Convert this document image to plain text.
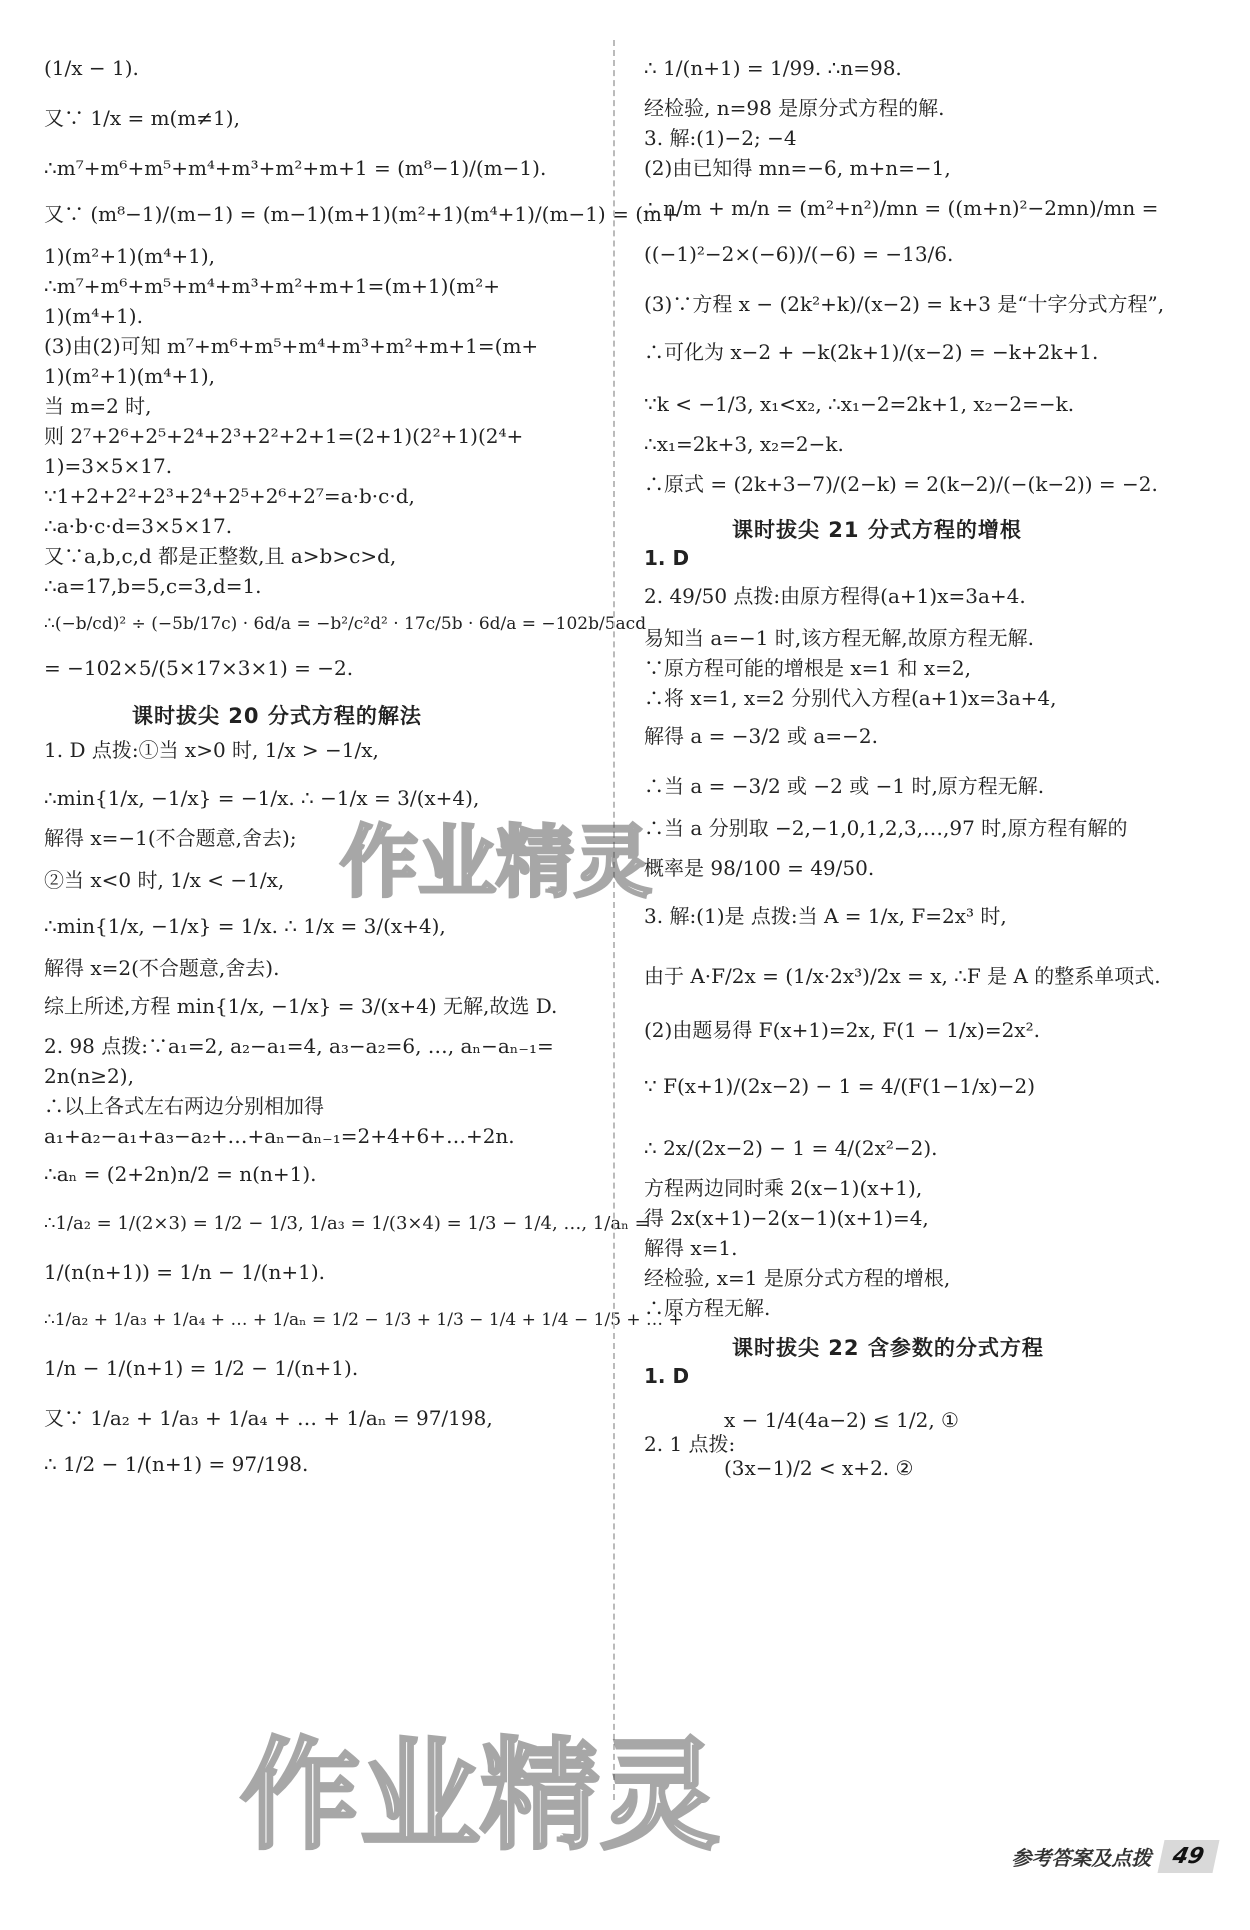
(1/x − 1).
又∵ 1/x = m(m≠1),
∴m⁷+m⁶+m⁵+m⁴+m³+m²+m+1 = (m⁸−1)/(m−1).
又∵ (m⁸−1)/(m−1) = (m−1)(m+1)(m²+1)(m⁴+1)/(m−1) = (m+
1)(m²+1)(m⁴+1),
∴m⁷+m⁶+m⁵+m⁴+m³+m²+m+1=(m+1)(m²+
1)(m⁴+1).
(3)由(2)可知 m⁷+m⁶+m⁵+m⁴+m³+m²+m+1=(m+
1)(m²+1)(m⁴+1),
当 m=2 时,
则 2⁷+2⁶+2⁵+2⁴+2³+2²+2+1=(2+1)(2²+1)(2⁴+
1)=3×5×17.
∵1+2+2²+2³+2⁴+2⁵+2⁶+2⁷=a·b·c·d,
∴a·b·c·d=3×5×17.
又∵a,b,c,d 都是正整数,且 a>b>c>d,
∴a=17,b=5,c=3,d=1.
∴(−b/cd)² ÷ (−5b/17c) · 6d/a = −b²/c²d² · 17c/5b · 6d/a = −102b/5acd
= −102×5/(5×17×3×1) = −2.
课时拔尖 20 分式方程的解法
1. D 点拨:①当 x>0 时, 1/x > −1/x,
∴min{1/x, −1/x} = −1/x. ∴ −1/x = 3/(x+4),
解得 x=−1(不合题意,舍去);
②当 x<0 时, 1/x < −1/x,
∴min{1/x, −1/x} = 1/x. ∴ 1/x = 3/(x+4),
解得 x=2(不合题意,舍去).
综上所述,方程 min{1/x, −1/x} = 3/(x+4) 无解,故选 D.
2. 98 点拨:∵a₁=2, a₂−a₁=4, a₃−a₂=6, …, aₙ−aₙ₋₁=
2n(n≥2),
∴以上各式左右两边分别相加得
a₁+a₂−a₁+a₃−a₂+…+aₙ−aₙ₋₁=2+4+6+…+2n.
∴aₙ = (2+2n)n/2 = n(n+1).
∴1/a₂ = 1/(2×3) = 1/2 − 1/3, 1/a₃ = 1/(3×4) = 1/3 − 1/4, …, 1/aₙ =
1/(n(n+1)) = 1/n − 1/(n+1).
∴1/a₂ + 1/a₃ + 1/a₄ + … + 1/aₙ = 1/2 − 1/3 + 1/3 − 1/4 + 1/4 − 1/5 + … +
1/n − 1/(n+1) = 1/2 − 1/(n+1).
又∵ 1/a₂ + 1/a₃ + 1/a₄ + … + 1/aₙ = 97/198,
∴ 1/2 − 1/(n+1) = 97/198.
∴ 1/(n+1) = 1/99. ∴n=98.
经检验, n=98 是原分式方程的解.
3. 解:(1)−2; −4
(2)由已知得 mn=−6, m+n=−1,
∴ n/m + m/n = (m²+n²)/mn = ((m+n)²−2mn)/mn =
((−1)²−2×(−6))/(−6) = −13/6.
(3)∵方程 x − (2k²+k)/(x−2) = k+3 是“十字分式方程”,
∴可化为 x−2 + −k(2k+1)/(x−2) = −k+2k+1.
∵k < −1/3, x₁<x₂, ∴x₁−2=2k+1, x₂−2=−k.
∴x₁=2k+3, x₂=2−k.
∴原式 = (2k+3−7)/(2−k) = 2(k−2)/(−(k−2)) = −2.
课时拔尖 21 分式方程的增根
1. D
2. 49/50 点拨:由原方程得(a+1)x=3a+4.
易知当 a=−1 时,该方程无解,故原方程无解.
∵原方程可能的增根是 x=1 和 x=2,
∴将 x=1, x=2 分别代入方程(a+1)x=3a+4,
解得 a = −3/2 或 a=−2.
∴当 a = −3/2 或 −2 或 −1 时,原方程无解.
∴当 a 分别取 −2,−1,0,1,2,3,…,97 时,原方程有解的
概率是 98/100 = 49/50.
3. 解:(1)是 点拨:当 A = 1/x, F=2x³ 时,
由于 A·F/2x = (1/x·2x³)/2x = x, ∴F 是 A 的整系单项式.
(2)由题易得 F(x+1)=2x, F(1 − 1/x)=2x².
∵ F(x+1)/(2x−2) − 1 = 4/(F(1−1/x)−2)
∴ 2x/(2x−2) − 1 = 4/(2x²−2).
方程两边同时乘 2(x−1)(x+1),
得 2x(x+1)−2(x−1)(x+1)=4,
解得 x=1.
经检验, x=1 是原分式方程的增根,
∴原方程无解.
课时拔尖 22 含参数的分式方程
1. D
x − 1/4(4a−2) ≤ 1/2, ①
2. 1 点拨:
(3x−1)/2 < x+2. ②
作业精灵
作业精灵	参考答案及点拨 49
